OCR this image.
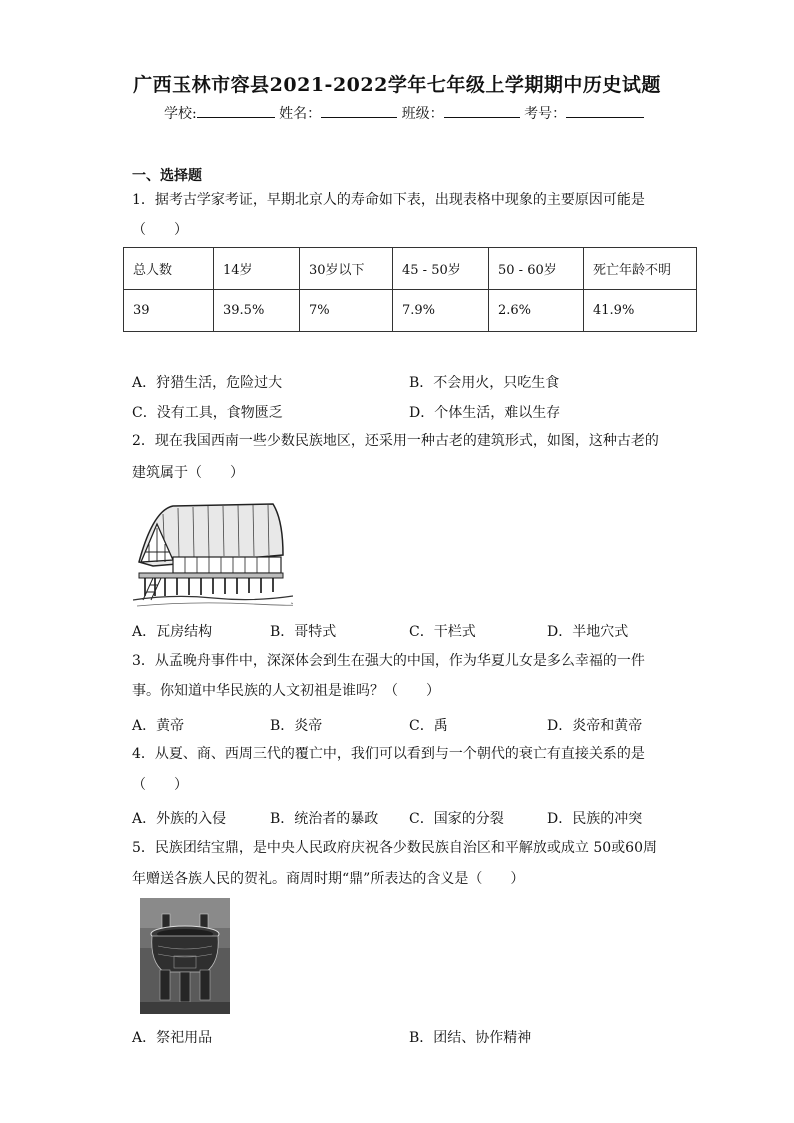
广西玉林市容县2021-2022学年七年级上学期期中历史试题
学校:	姓名：	班级：	考号：
一、选择题
1．据考古学家考证，早期北京人的寿命如下表，出现表格中现象的主要原因可能是
（　　）
总人数	14岁	30岁以下	45 - 50岁	50 - 60岁	死亡年龄不明
39	39.5%	7%	7.9%	2.6%	41.9%
A．狩猎生活，危险过大	B．不会用火，只吃生食
C．没有工具，食物匮乏	D．个体生活，难以生存
2．现在我国西南一些少数民族地区，还采用一种古老的建筑形式，如图，这种古老的
建筑属于（　　）
A．瓦房结构	B．哥特式	C．干栏式	D．半地穴式
3．从孟晚舟事件中，深深体会到生在强大的中国，作为华夏儿女是多么幸福的一件
事。你知道中华民族的人文初祖是谁吗？（　　）
A．黄帝	B．炎帝	C．禹	D．炎帝和黄帝
4．从夏、商、西周三代的覆亡中，我们可以看到与一个朝代的衰亡有直接关系的是
（　　）
A．外族的入侵	B．统治者的暴政 C．国家的分裂	D．民族的冲突
5．民族团结宝鼎，是中央人民政府庆祝各少数民族自治区和平解放或成立 50或60周
年赠送各族人民的贺礼。商周时期“鼎”所表达的含义是（　　）
A．祭祀用品	B．团结、协作精神
